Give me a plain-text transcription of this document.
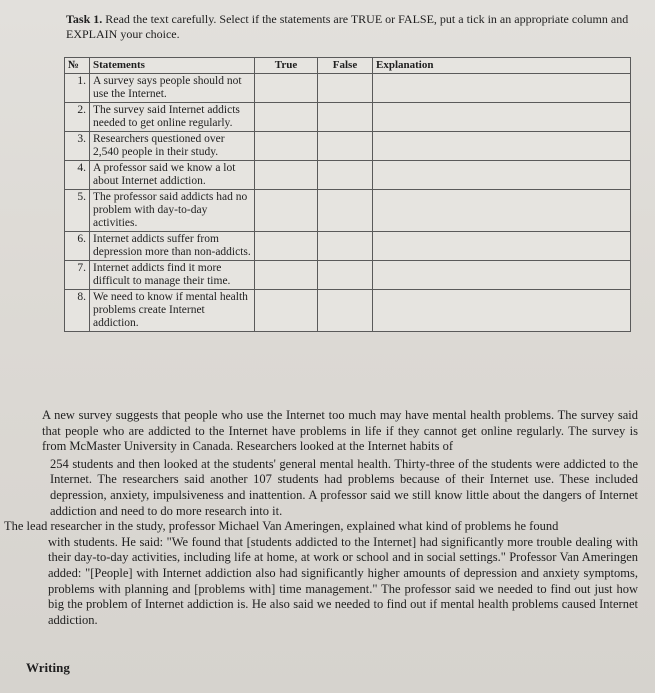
Task 1. Read the text carefully. Select if the statements are TRUE or FALSE, put a tick in an appropriate column and EXPLAIN your choice.
№	Statements	True	False	Explanation
1.	A survey says people should not use the Internet.			
2.	The survey said Internet addicts needed to get online regularly.			
3.	Researchers questioned over 2,540 people in their study.			
4.	A professor said we know a lot about Internet addiction.			
5.	The professor said addicts had no problem with day-to-day activities.			
6.	Internet addicts suffer from depression more than non-addicts.			
7.	Internet addicts find it more difficult to manage their time.			
8.	We need to know if mental health problems create Internet addiction.			

A new survey suggests that people who use the Internet too much may have mental health problems. The survey said that people who are addicted to the Internet have problems in life if they cannot get online regularly. The survey is from McMaster University in Canada. Researchers looked at the Internet habits of

254 students and then looked at the students' general mental health. Thirty-three of the students were addicted to the Internet. The researchers said another 107 students had problems because of their Internet use. These included depression, anxiety, impulsiveness and inattention. A professor said we still know little about the dangers of Internet addiction and need to do more research into it.

The lead researcher in the study, professor Michael Van Ameringen, explained what kind of problems he found
with students. He said: "We found that [students addicted to the Internet] had significantly more trouble dealing with their day-to-day activities, including life at home, at work or school and in social settings." Professor Van Ameringen added: "[People] with Internet addiction also had significantly higher amounts of depression and anxiety symptoms, problems with planning and [problems with] time management." The professor said we needed to find out just how big the problem of Internet addiction is. He also said we needed to find out if mental health problems caused Internet addiction.

Writing
